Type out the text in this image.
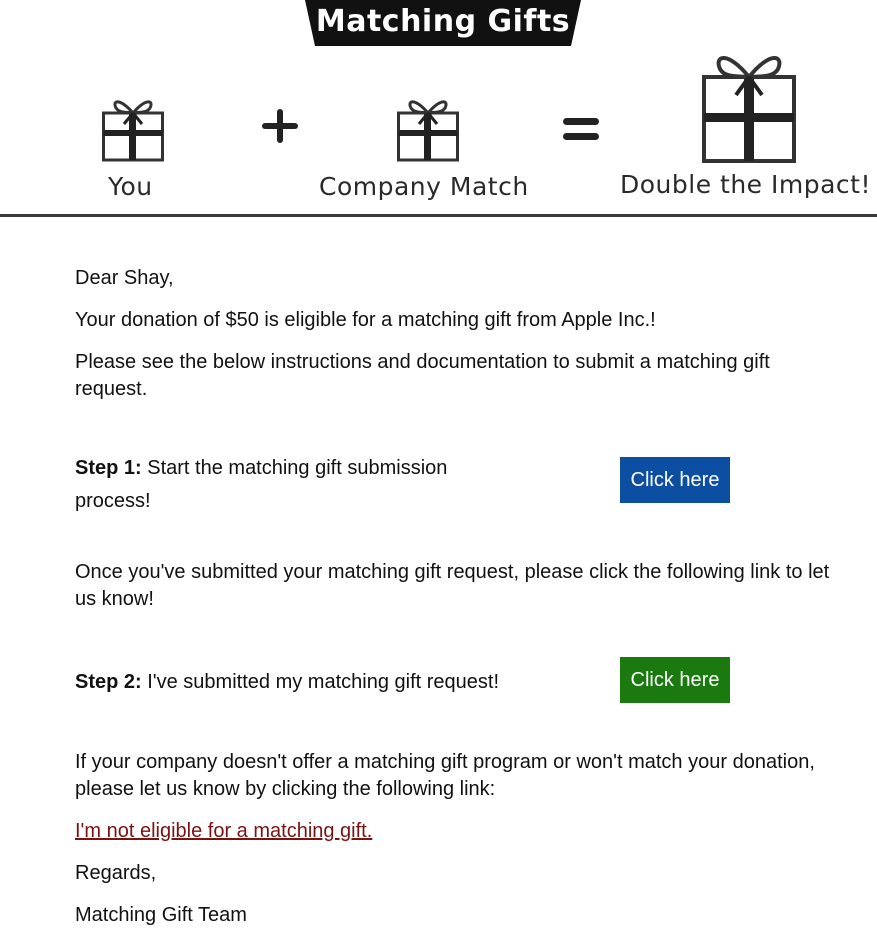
Matching Gifts
You	Company Match	Double the Impact!
Dear Shay,
Your donation of $50 is eligible for a matching gift from Apple Inc.!
Please see the below instructions and documentation to submit a matching gift request.
Step 1: Start the matching gift submission process!
Click here
Once you've submitted your matching gift request, please click the following link to let us know!
Step 2: I've submitted my matching gift request!	Click here
If your company doesn't offer a matching gift program or won't match your donation, please let us know by clicking the following link:
I'm not eligible for a matching gift.
Regards,
Matching Gift Team
